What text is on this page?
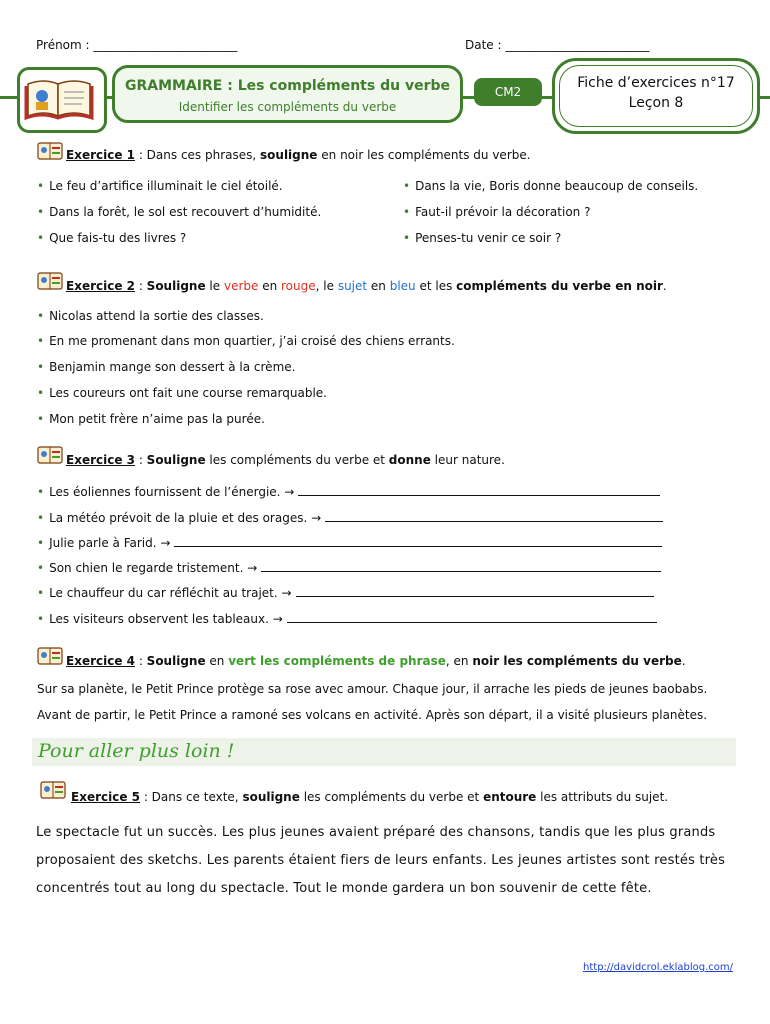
Prénom : ________________________	Date : ________________________
GRAMMAIRE : Les compléments du verbe
Identifier les compléments du verbe
CM2
Fiche d’exercices n°17
Leçon 8
Exercice 1 : Dans ces phrases, souligne en noir les compléments du verbe.
• Le feu d’artifice illuminait le ciel étoilé.
• Dans la forêt, le sol est recouvert d’humidité.
• Que fais-tu des livres ?
• Dans la vie, Boris donne beaucoup de conseils.
• Faut-il prévoir la décoration ?
• Penses-tu venir ce soir ?
Exercice 2 : Souligne le verbe en rouge, le sujet en bleu et les compléments du verbe en noir.
• Nicolas attend la sortie des classes.
• En me promenant dans mon quartier, j’ai croisé des chiens errants.
• Benjamin mange son dessert à la crème.
• Les coureurs ont fait une course remarquable.
• Mon petit frère n’aime pas la purée.
Exercice 3 : Souligne les compléments du verbe et donne leur nature.
• Les éoliennes fournissent de l’énergie. →
• La météo prévoit de la pluie et des orages. →
• Julie parle à Farid. →
• Son chien le regarde tristement. →
• Le chauffeur du car réfléchit au trajet. →
• Les visiteurs observent les tableaux. →
Exercice 4 : Souligne en vert les compléments de phrase, en noir les compléments du verbe.
Sur sa planète, le Petit Prince protège sa rose avec amour. Chaque jour, il arrache les pieds de jeunes baobabs.
Avant de partir, le Petit Prince a ramoné ses volcans en activité. Après son départ, il a visité plusieurs planètes.
Pour aller plus loin !
Exercice 5 : Dans ce texte, souligne les compléments du verbe et entoure les attributs du sujet.
Le spectacle fut un succès. Les plus jeunes avaient préparé des chansons, tandis que les plus grands
proposaient des sketchs. Les parents étaient fiers de leurs enfants. Les jeunes artistes sont restés très
concentrés tout au long du spectacle. Tout le monde gardera un bon souvenir de cette fête.
http://davidcrol.eklablog.com/
